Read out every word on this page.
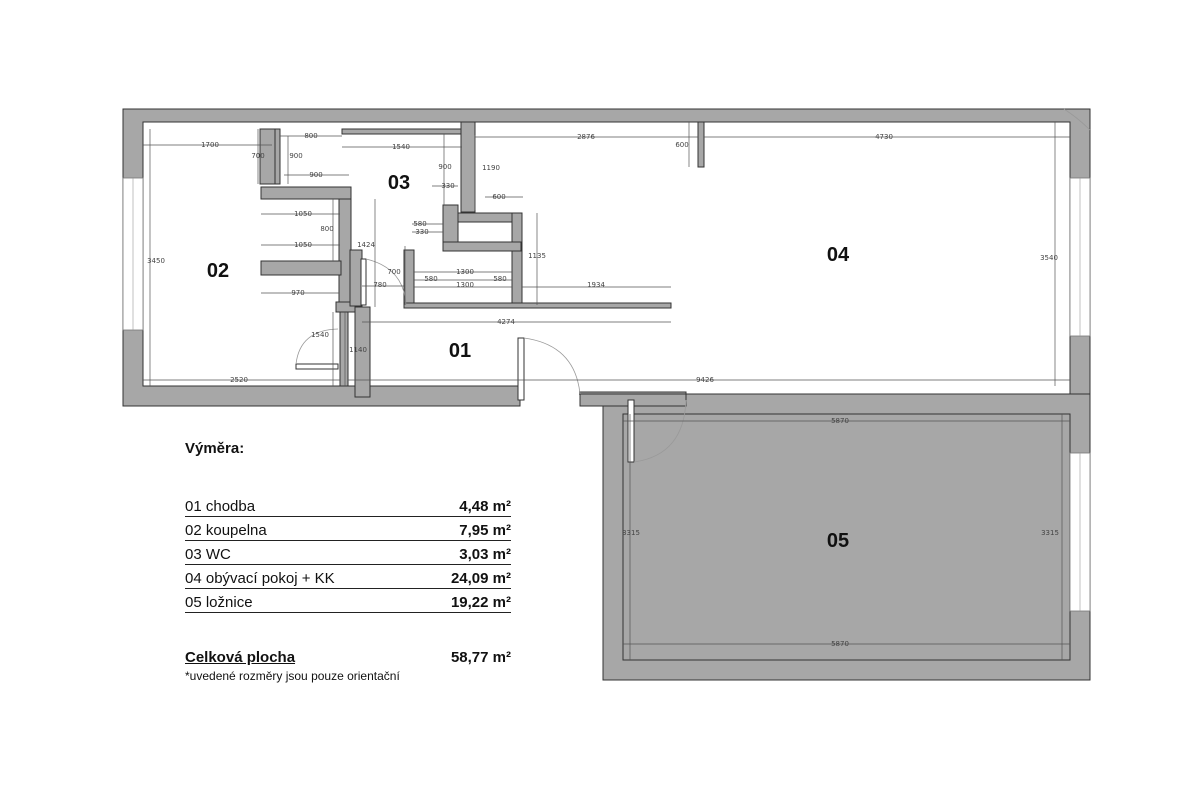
1700
700
800
900
1540
900
900
330
1190
2876
600
4730
600
1050
800
1050	1424
580
330
1135
3450
700	1300
580
3540
580
1300
780	1934
970
4274
1540
1140
2520	9426
5870
3315	3315
5870
01
02
03
04
05
Výměra:
01 chodba	4,48 m²
02 koupelna	7,95 m²
03 WC	3,03 m²
04 obývací pokoj + KK	24,09 m²
05 ložnice	19,22 m²
Celková plocha	58,77 m²
*uvedené rozměry jsou pouze orientační
